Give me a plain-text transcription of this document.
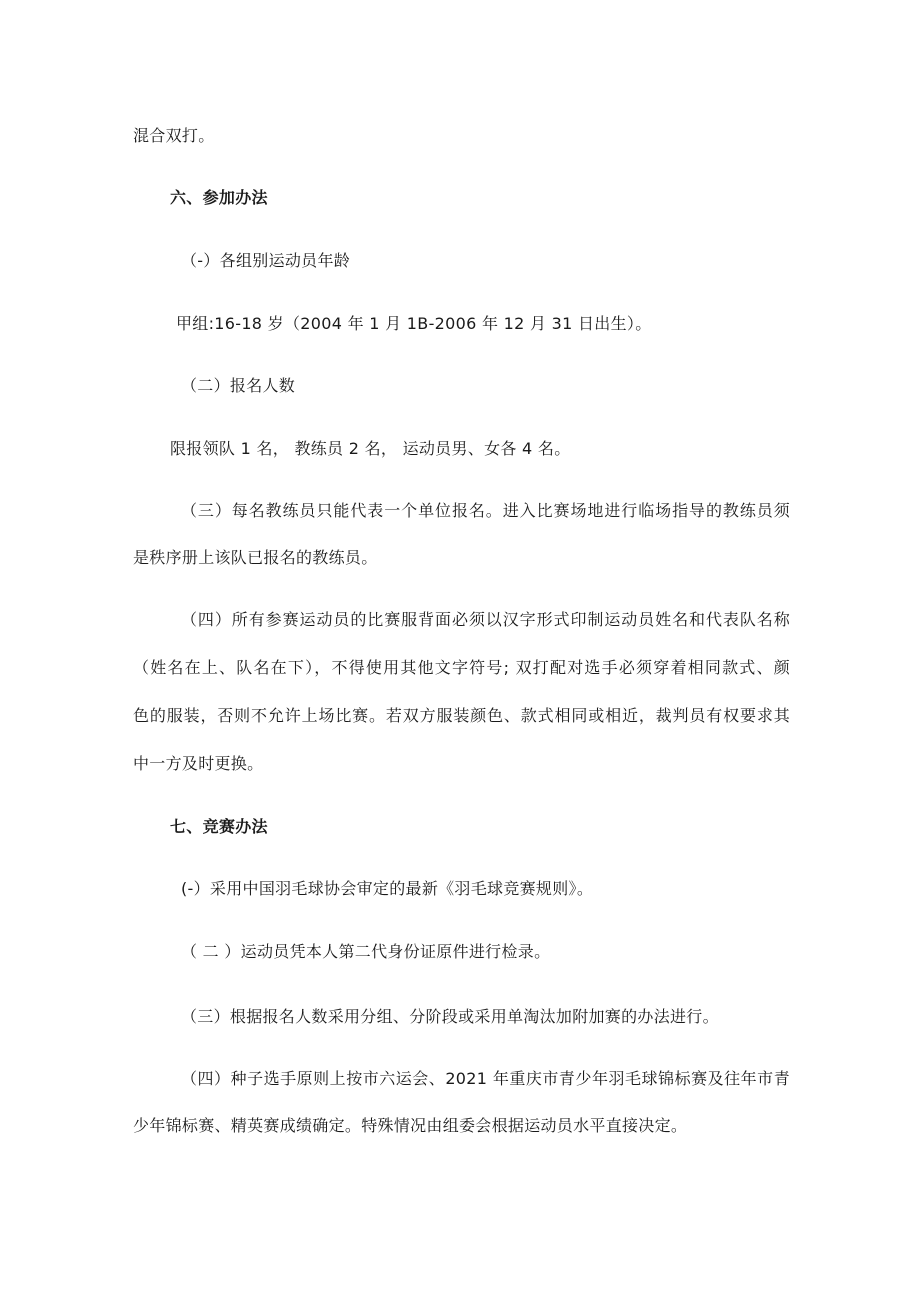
混合双打。
六、参加办法
（-）各组别运动员年龄
甲组:16-18 岁（2004 年 1 月 1B-2006 年 12 月 31 日出生）。
（二）报名人数
限报领队 1 名， 教练员 2 名， 运动员男、女各 4 名。
（三）每名教练员只能代表一个单位报名。进入比赛场地进行临场指导的教练员须
是秩序册上该队已报名的教练员。
（四）所有参赛运动员的比赛服背面必须以汉字形式印制运动员姓名和代表队名称
（姓名在上、队名在下），不得使用其他文字符号; 双打配对选手必须穿着相同款式、颜
色的服装，否则不允许上场比赛。若双方服装颜色、款式相同或相近，裁判员有权要求其
中一方及时更换。
七、竞赛办法
(-）采用中国羽毛球协会审定的最新《羽毛球竞赛规则》。
（ 二 ）运动员凭本人第二代身份证原件进行检录。
（三）根据报名人数采用分组、分阶段或采用单淘汰加附加赛的办法进行。
（四）种子选手原则上按市六运会、2021 年重庆市青少年羽毛球锦标赛及往年市青
少年锦标赛、精英赛成绩确定。特殊情况由组委会根据运动员水平直接决定。
